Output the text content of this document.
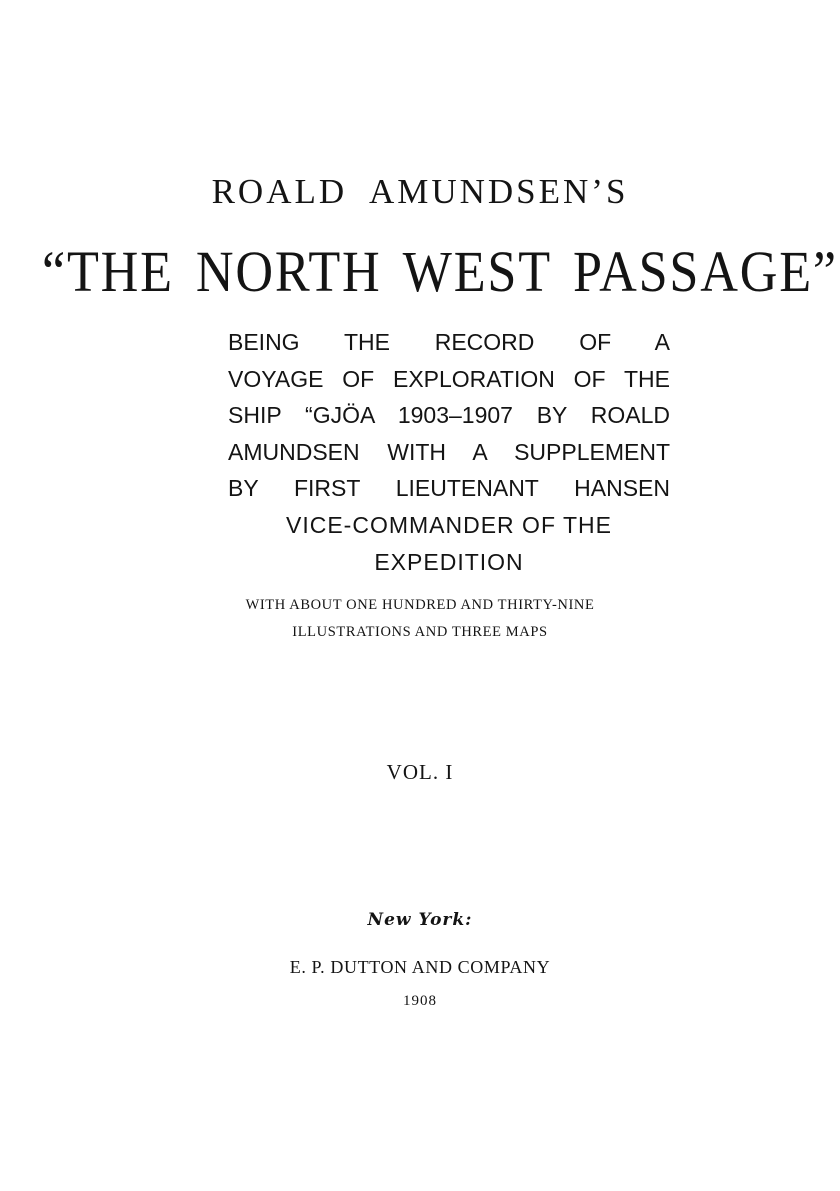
ROALD AMUNDSEN’S
“THE NORTH WEST PASSAGE”
BEING THE RECORD OF A
VOYAGE OF EXPLORATION OF THE
SHIP “GJÖA 1903–1907 BY ROALD
AMUNDSEN WITH A SUPPLEMENT
BY FIRST LIEUTENANT HANSEN
VICE-COMMANDER OF THE
EXPEDITION
WITH ABOUT ONE HUNDRED AND THIRTY-NINE
ILLUSTRATIONS AND THREE MAPS
VOL. I
New York:
E. P. DUTTON AND COMPANY
1908
